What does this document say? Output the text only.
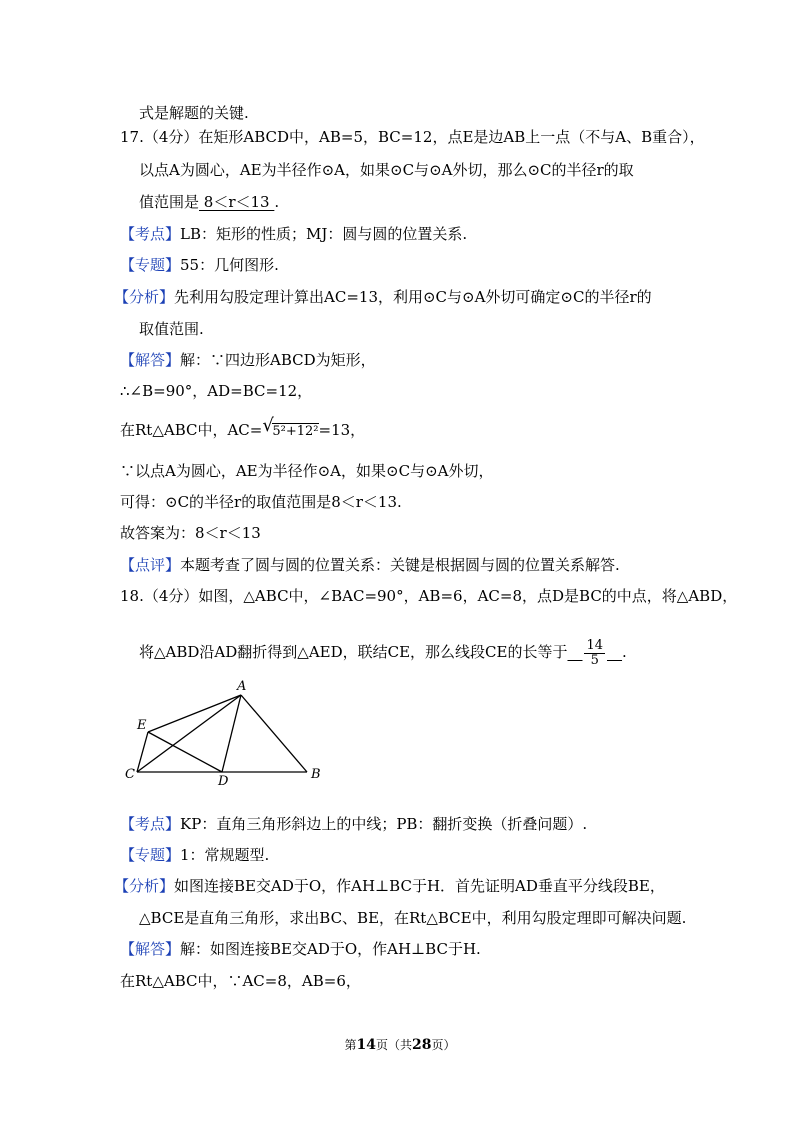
式是解题的关键.
17.（4分）在矩形ABCD中，AB=5，BC=12，点E是边AB上一点（不与A、B重合），
以点A为圆心，AE为半径作⊙A，如果⊙C与⊙A外切，那么⊙C的半径r的取
值范围是 8＜r＜13 .
【考点】LB：矩形的性质；MJ：圆与圆的位置关系.
【专题】55：几何图形.
【分析】先利用勾股定理计算出AC=13，利用⊙C与⊙A外切可确定⊙C的半径r的
取值范围.
【解答】解：∵四边形ABCD为矩形，
∴∠B=90°，AD=BC=12，
在Rt△ABC中，AC= √
5²+12²=13，
∵以点A为圆心，AE为半径作⊙A，如果⊙C与⊙A外切，
可得：⊙C的半径r的取值范围是8＜r＜13.
故答案为：8＜r＜13
【点评】本题考查了圆与圆的位置关系：关键是根据圆与圆的位置关系解答.
18.（4分）如图，△ABC中，∠BAC=90°，AB=6，AC=8，点D是BC的中点，将△ABD，
将△ABD沿AD翻折得到△AED，联结CE，那么线段CE的长等于__ $\frac{14}{5}$ __.
A
E
C	D	B
【考点】KP：直角三角形斜边上的中线；PB：翻折变换（折叠问题）.
【专题】1：常规题型.
【分析】如图连接BE交AD于O，作AH⊥BC于H．首先证明AD垂直平分线段BE，
△BCE是直角三角形，求出BC、BE，在Rt△BCE中，利用勾股定理即可解决问题.
【解答】解：如图连接BE交AD于O，作AH⊥BC于H.
在Rt△ABC中，∵AC=8，AB=6，
第14页（共28页）
